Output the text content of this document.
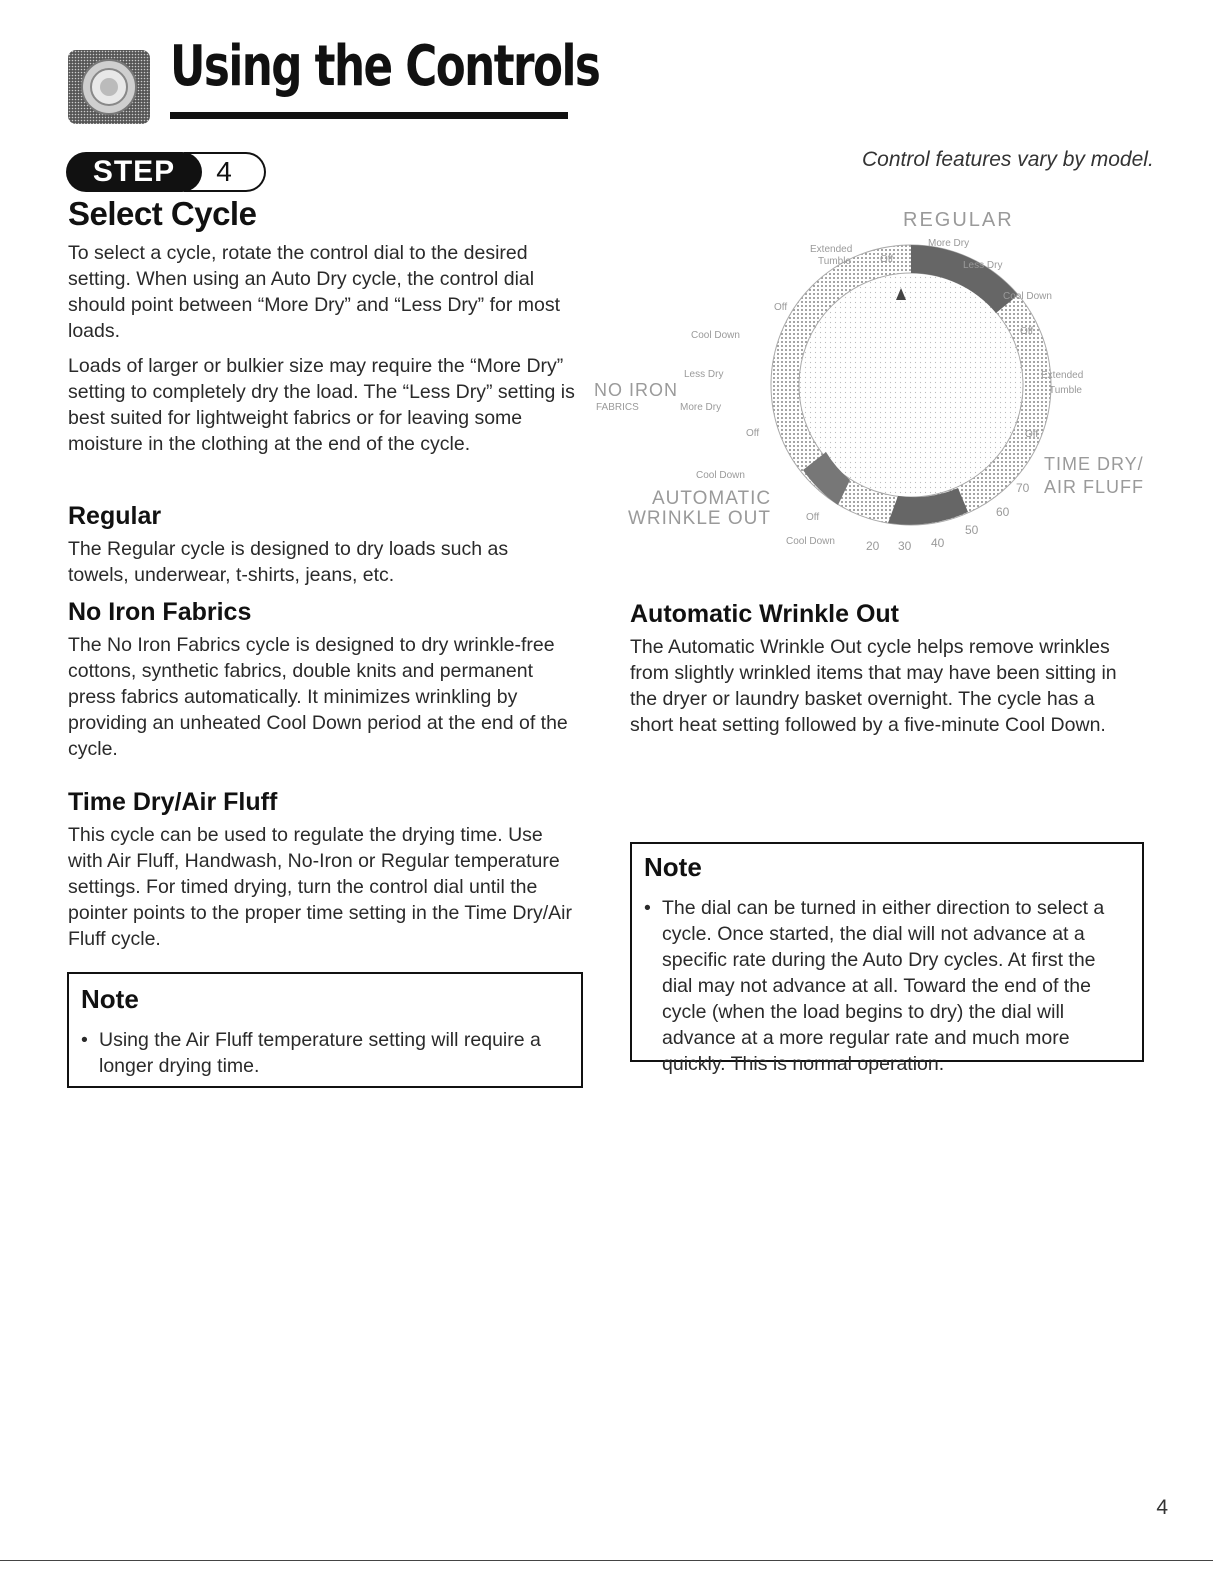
Using the Controls
4
STEP	Control features vary by model.
Select Cycle

To select a cycle, rotate the control dial to the desired setting. When using an Auto Dry cycle, the control dial should point between “More Dry” and “Less Dry” for most loads.

Loads of larger or bulkier size may require the “More Dry” setting to completely dry the load. The “Less Dry” setting is best suited for lightweight fabrics or for leaving some moisture in the clothing at the end of the cycle.

Regular
The Regular cycle is designed to dry loads such as towels, underwear, t-shirts, jeans, etc.
No Iron Fabrics
The No Iron Fabrics cycle is designed to dry wrinkle-free cottons, synthetic fabrics, double knits and permanent press fabrics automatically. It minimizes wrinkling by providing an unheated Cool Down period at the end of the cycle.
Time Dry/Air Fluff
This cycle can be used to regulate the drying time. Use with Air Fluff, Handwash, No-Iron or Regular temperature settings. For timed drying, turn the control dial until the pointer points to the proper time setting in the Time Dry/Air Fluff cycle.
Note
• Using the Air Fluff temperature setting will require a longer drying time.
Automatic Wrinkle Out
The Automatic Wrinkle Out cycle helps remove wrinkles from slightly wrinkled items that may have been sitting in the dryer or laundry basket overnight. The cycle has a short heat setting followed by a five-minute Cool Down.
Note
• The dial can be turned in either direction to select a cycle. Once started, the dial will not advance at a specific rate during the Auto Dry cycles. At first the dial may not advance at all. Toward the end of the cycle (when the load begins to dry) the dial will advance at a more regular rate and much more quickly. This is normal operation.
REGULAR
More Dry
Less Dry
Extended
Tumble	Off
Cool Down
Off
Extended
Tumble
Off
Off
Cool Down
Less Dry
NO IRON
FABRICS	More Dry
Off
Cool Down
AUTOMATIC
WRINKLE OUT	Off
Cool Down
TIME DRY/
AIR FLUFF
70
60
50
40
30
20
4
